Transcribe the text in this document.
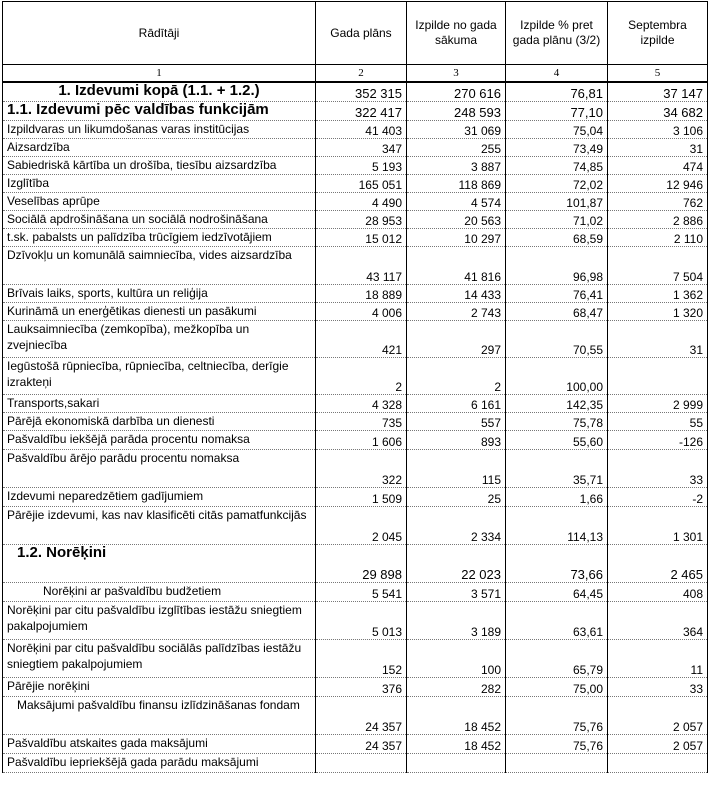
Rādītāji	Gada plāns	Izpilde no gada sākuma	Izpilde % pret gada plānu (3/2)	Septembra izpilde
1	2	3	4	5
1. Izdevumi kopā (1.1. + 1.2.)	352 315	270 616	76,81	37 147
1.1. Izdevumi pēc valdības funkcijām	322 417	248 593	77,10	34 682
Izpildvaras un likumdošanas varas institūcijas	41 403	31 069	75,04	3 106
Aizsardzība	347	255	73,49	31
Sabiedriskā kārtība un drošība, tiesību aizsardzība	5 193	3 887	74,85	474
Izglītība	165 051	118 869	72,02	12 946
Veselības aprūpe	4 490	4 574	101,87	762
Sociālā apdrošināšana un sociālā nodrošināšana	28 953	20 563	71,02	2 886
t.sk. pabalsts un palīdzība trūcīgiem iedzīvotājiem	15 012	10 297	68,59	2 110
Dzīvokļu un komunālā saimniecība, vides aizsardzība	43 117	41 816	96,98	7 504
Brīvais laiks, sports, kultūra un reliģija	18 889	14 433	76,41	1 362
Kurināmā un enerģētikas dienesti un pasākumi	4 006	2 743	68,47	1 320
Lauksaimniecība (zemkopība), mežkopība un zvejniecība	421	297	70,55	31
Iegūstošā rūpniecība, rūpniecība, celtniecība, derīgie izrakteņi	2	2	100,00	
Transports,sakari	4 328	6 161	142,35	2 999
Pārējā ekonomiskā darbība un dienesti	735	557	75,78	55
Pašvaldību iekšējā parāda procentu nomaksa	1 606	893	55,60	-126
Pašvaldību ārējo parādu procentu nomaksa	322	115	35,71	33
Izdevumi neparedzētiem gadījumiem	1 509	25	1,66	-2
Pārējie izdevumi, kas nav klasificēti citās pamatfunkcijās	2 045	2 334	114,13	1 301
1.2. Norēķini	29 898	22 023	73,66	2 465
Norēķini ar pašvaldību budžetiem	5 541	3 571	64,45	408
Norēķini par citu pašvaldību izglītības iestāžu sniegtiem pakalpojumiem	5 013	3 189	63,61	364
Norēķini par citu pašvaldību sociālās palīdzības iestāžu sniegtiem pakalpojumiem	152	100	65,79	11
Pārējie norēķini	376	282	75,00	33
Maksājumi pašvaldību finansu izlīdzināšanas fondam	24 357	18 452	75,76	2 057
Pašvaldību atskaites gada maksājumi	24 357	18 452	75,76	2 057
Pašvaldību iepriekšējā gada parādu maksājumi				
